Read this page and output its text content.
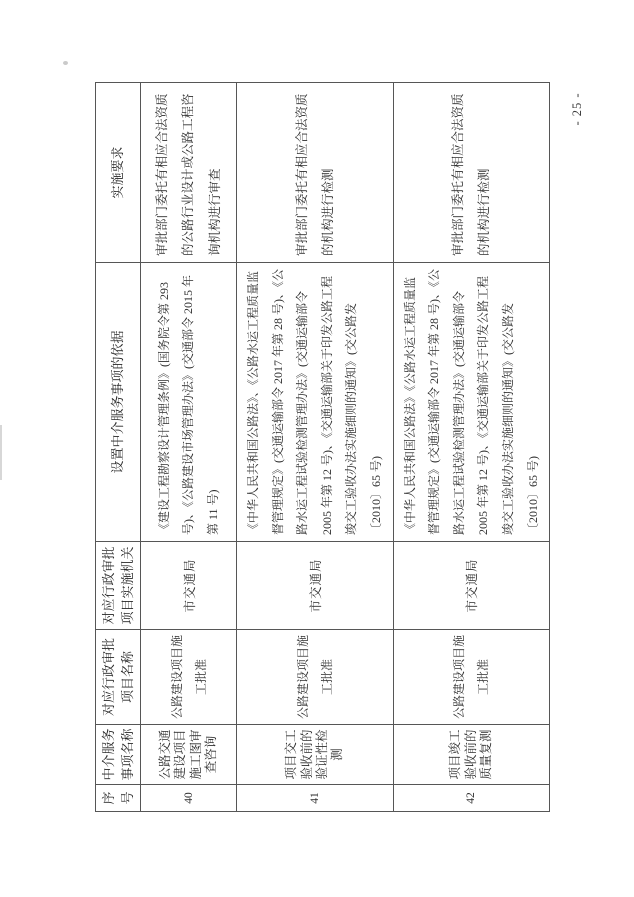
- 25 -
序号	中介服务事项名称	对应行政审批项目名称	对应行政审批项目实施机关	设置中介服务事项的依据	实施要求
40	公路交通建设项目施工图审查咨询	公路建设项目施工批准	市交通局	《建设工程勘察设计管理条例》(国务院令第 293 号)、《公路建设市场管理办法》(交通部令 2015 年第 11 号)	审批部门委托有相应合法资质的公路行业设计或公路工程咨询机构进行审查
41	项目交工验收前的验证性检测	公路建设项目施工批准	市交通局	《中华人民共和国公路法》、《公路水运工程质量监督管理规定》(交通运输部令 2017 年第 28 号)、《公路水运工程试验检测管理办法》(交通运输部令 2005 年第 12 号)、《交通运输部关于印发公路工程竣交工验收办法实施细则的通知》(交公路发〔2010〕65 号)	审批部门委托有相应合法资质的机构进行检测
42	项目竣工验收前的质量复测	公路建设项目施工批准	市交通局	《中华人民共和国公路法》《公路水运工程质量监督管理规定》(交通运输部令 2017 年第 28 号)、《公路水运工程试验检测管理办法》(交通运输部令 2005 年第 12 号)、《交通运输部关于印发公路工程竣交工验收办法实施细则的通知》(交公路发〔2010〕65 号)	审批部门委托有相应合法资质的机构进行检测
